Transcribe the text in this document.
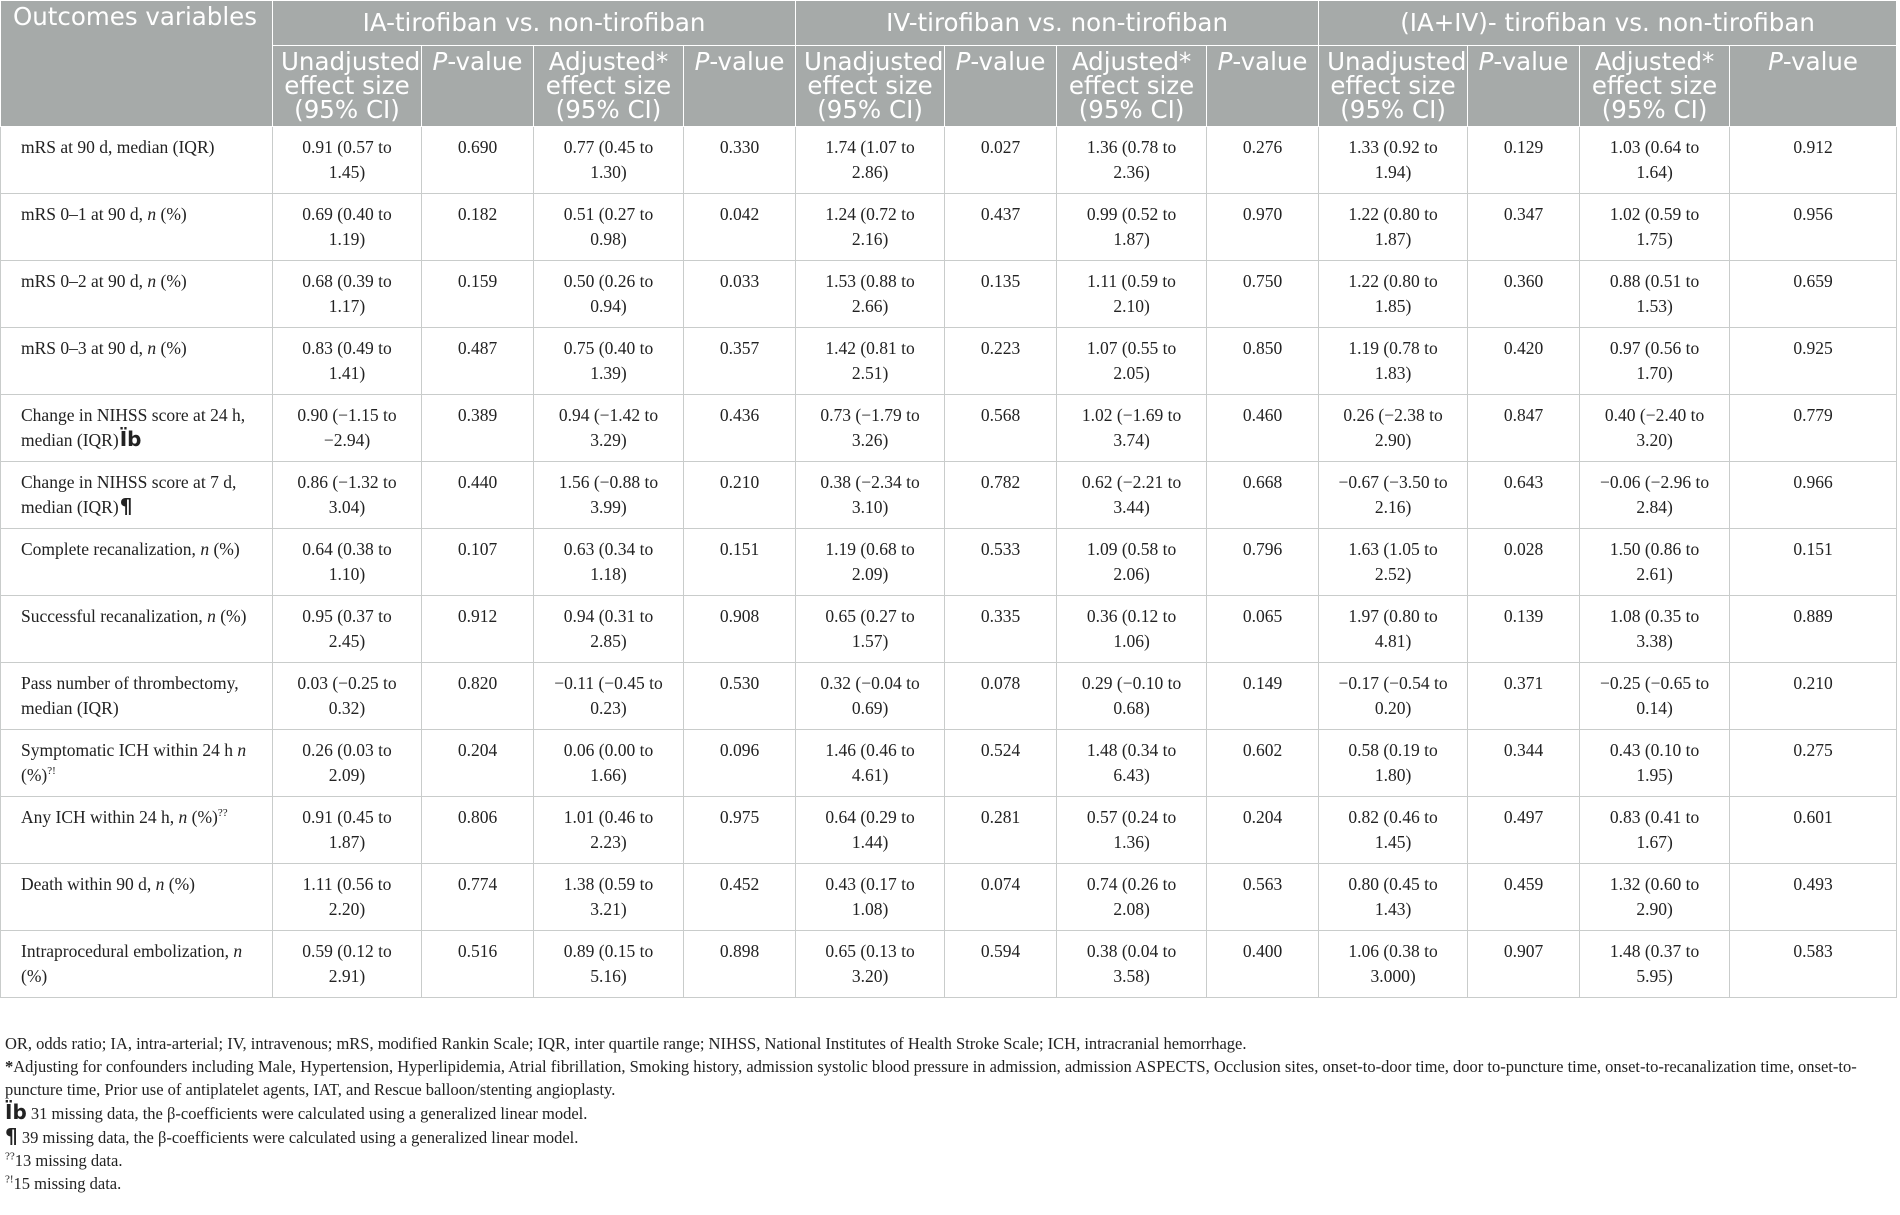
Outcomes variables	IA-tirofiban vs. non-tirofiban				IV-tirofiban vs. non-tirofiban				(IA+IV)- tirofiban vs. non-tirofiban			
	Unadjusted effect size (95% CI)	P-value	Adjusted* effect size (95% CI)	P-value	Unadjusted effect size (95% CI)	P-value	Adjusted* effect size (95% CI)	P-value	Unadjusted effect size (95% CI)	P-value	Adjusted* effect size (95% CI)	P-value
mRS at 90 d, median (IQR)	0.91 (0.57 to 1.45)	0.690	0.77 (0.45 to 1.30)	0.330	1.74 (1.07 to 2.86)	0.027	1.36 (0.78 to 2.36)	0.276	1.33 (0.92 to 1.94)	0.129	1.03 (0.64 to 1.64)	0.912
mRS 0–1 at 90 d, n (%)	0.69 (0.40 to 1.19)	0.182	0.51 (0.27 to 0.98)	0.042	1.24 (0.72 to 2.16)	0.437	0.99 (0.52 to 1.87)	0.970	1.22 (0.80 to 1.87)	0.347	1.02 (0.59 to 1.75)	0.956
mRS 0–2 at 90 d, n (%)	0.68 (0.39 to 1.17)	0.159	0.50 (0.26 to 0.94)	0.033	1.53 (0.88 to 2.66)	0.135	1.11 (0.59 to 2.10)	0.750	1.22 (0.80 to 1.85)	0.360	0.88 (0.51 to 1.53)	0.659
mRS 0–3 at 90 d, n (%)	0.83 (0.49 to 1.41)	0.487	0.75 (0.40 to 1.39)	0.357	1.42 (0.81 to 2.51)	0.223	1.07 (0.55 to 2.05)	0.850	1.19 (0.78 to 1.83)	0.420	0.97 (0.56 to 1.70)	0.925
Change in NIHSS score at 24 h, median (IQR)Ϊb	0.90 (−1.15 to −2.94)	0.389	0.94 (−1.42 to 3.29)	0.436	0.73 (−1.79 to 3.26)	0.568	1.02 (−1.69 to 3.74)	0.460	0.26 (−2.38 to 2.90)	0.847	0.40 (−2.40 to 3.20)	0.779
Change in NIHSS score at 7 d, median (IQR)¶	0.86 (−1.32 to 3.04)	0.440	1.56 (−0.88 to 3.99)	0.210	0.38 (−2.34 to 3.10)	0.782	0.62 (−2.21 to 3.44)	0.668	−0.67 (−3.50 to 2.16)	0.643	−0.06 (−2.96 to 2.84)	0.966
Complete recanalization, n (%)	0.64 (0.38 to 1.10)	0.107	0.63 (0.34 to 1.18)	0.151	1.19 (0.68 to 2.09)	0.533	1.09 (0.58 to 2.06)	0.796	1.63 (1.05 to 2.52)	0.028	1.50 (0.86 to 2.61)	0.151
Successful recanalization, n (%)	0.95 (0.37 to 2.45)	0.912	0.94 (0.31 to 2.85)	0.908	0.65 (0.27 to 1.57)	0.335	0.36 (0.12 to 1.06)	0.065	1.97 (0.80 to 4.81)	0.139	1.08 (0.35 to 3.38)	0.889
Pass number of thrombectomy, median (IQR)	0.03 (−0.25 to 0.32)	0.820	−0.11 (−0.45 to 0.23)	0.530	0.32 (−0.04 to 0.69)	0.078	0.29 (−0.10 to 0.68)	0.149	−0.17 (−0.54 to 0.20)	0.371	−0.25 (−0.65 to 0.14)	0.210
Symptomatic ICH within 24 h n (%)?!	0.26 (0.03 to 2.09)	0.204	0.06 (0.00 to 1.66)	0.096	1.46 (0.46 to 4.61)	0.524	1.48 (0.34 to 6.43)	0.602	0.58 (0.19 to 1.80)	0.344	0.43 (0.10 to 1.95)	0.275
Any ICH within 24 h, n (%)??	0.91 (0.45 to 1.87)	0.806	1.01 (0.46 to 2.23)	0.975	0.64 (0.29 to 1.44)	0.281	0.57 (0.24 to 1.36)	0.204	0.82 (0.46 to 1.45)	0.497	0.83 (0.41 to 1.67)	0.601
Death within 90 d, n (%)	1.11 (0.56 to 2.20)	0.774	1.38 (0.59 to 3.21)	0.452	0.43 (0.17 to 1.08)	0.074	0.74 (0.26 to 2.08)	0.563	0.80 (0.45 to 1.43)	0.459	1.32 (0.60 to 2.90)	0.493
Intraprocedural embolization, n (%)	0.59 (0.12 to 2.91)	0.516	0.89 (0.15 to 5.16)	0.898	0.65 (0.13 to 3.20)	0.594	0.38 (0.04 to 3.58)	0.400	1.06 (0.38 to 3.000)	0.907	1.48 (0.37 to 5.95)	0.583

OR, odds ratio; IA, intra-arterial; IV, intravenous; mRS, modified Rankin Scale; IQR, inter quartile range; NIHSS, National Institutes of Health Stroke Scale; ICH, intracranial hemorrhage.

*Adjusting for confounders including Male, Hypertension, Hyperlipidemia, Atrial fibrillation, Smoking history, admission systolic blood pressure in admission, admission ASPECTS, Occlusion sites, onset-to-door time, door to-puncture time, onset-to-recanalization time, onset-to-puncture time, Prior use of antiplatelet agents, IAT, and Rescue balloon/stenting angioplasty.

Ϊb 31 missing data, the β-coefficients were calculated using a generalized linear model.

¶ 39 missing data, the β-coefficients were calculated using a generalized linear model.

??13 missing data.

?!15 missing data.
